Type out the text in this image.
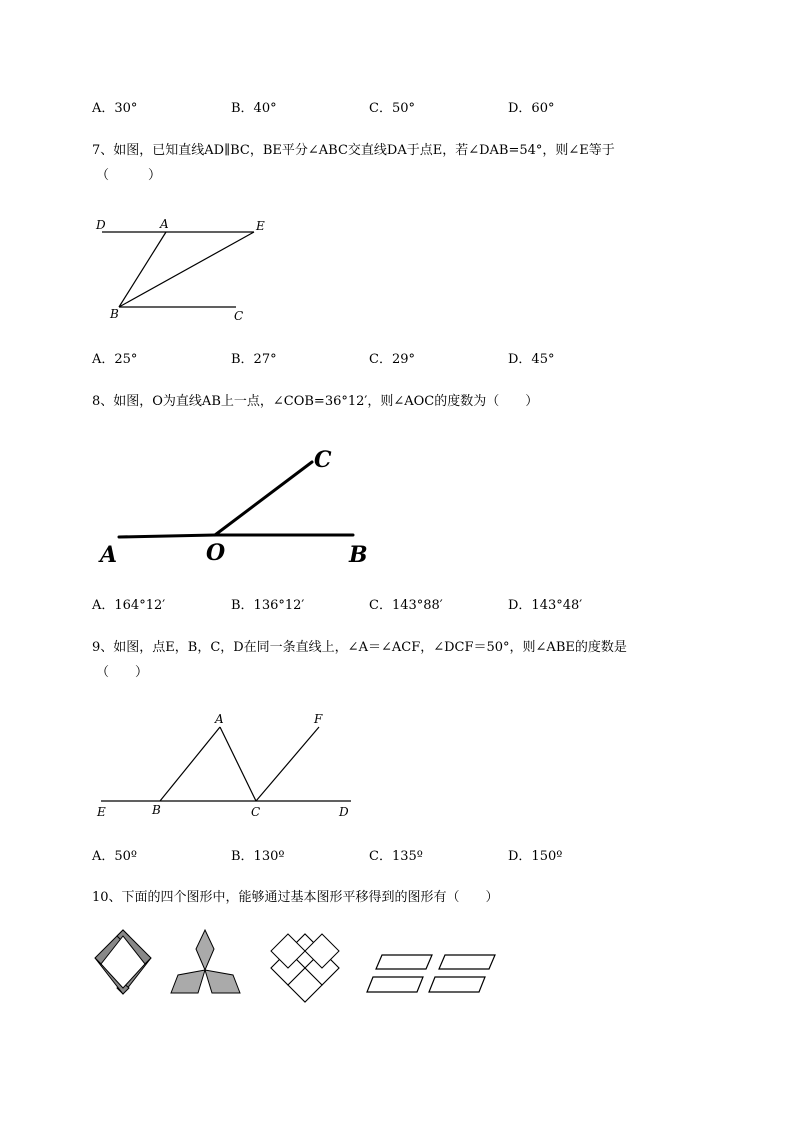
A．30°	B．40°	C．50°	D．60°
7、如图，已知直线AD∥BC，BE平分∠ABC交直线DA于点E，若∠DAB=54°，则∠E等于
（　　　）
D	A	E
B	C
A．25°	B．27°	C．29°	D．45°
8、如图，O为直线AB上一点，∠COB=36°12′，则∠AOC的度数为（　　）
A	O	B
C
A．164°12′	B．136°12′	C．143°88′	D．143°48′
9、如图，点E，B，C，D在同一条直线上，∠A＝∠ACF，∠DCF＝50°，则∠ABE的度数是
（　　）
A	F
E	B	C	D
A．50º	B．130º	C．135º	D．150º
10、下面的四个图形中，能够通过基本图形平移得到的图形有（　　）
